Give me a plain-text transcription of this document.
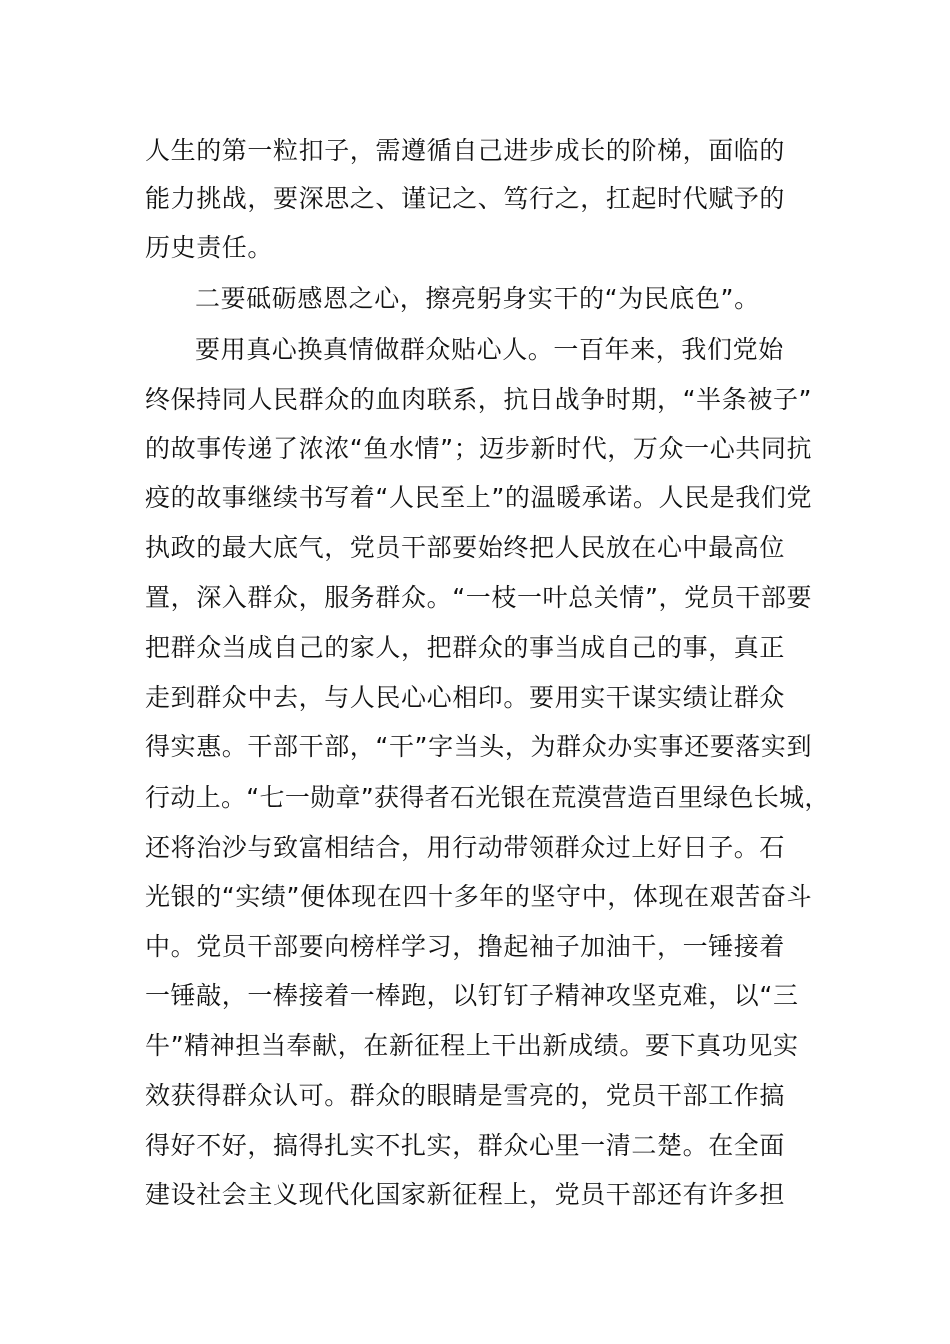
人生的第一粒扣子，需遵循自己进步成长的阶梯，面临的
能力挑战，要深思之、谨记之、笃行之，扛起时代赋予的
历史责任。
二要砥砺感恩之心，擦亮躬身实干的“为民底色”。
要用真心换真情做群众贴心人。一百年来，我们党始
终保持同人民群众的血肉联系，抗日战争时期，“半条被子”
的故事传递了浓浓“鱼水情”；迈步新时代，万众一心共同抗
疫的故事继续书写着“人民至上”的温暖承诺。人民是我们党
执政的最大底气，党员干部要始终把人民放在心中最高位
置，深入群众，服务群众。“一枝一叶总关情”，党员干部要
把群众当成自己的家人，把群众的事当成自己的事，真正
走到群众中去，与人民心心相印。要用实干谋实绩让群众
得实惠。干部干部，“干”字当头，为群众办实事还要落实到
行动上。“七一勋章”获得者石光银在荒漠营造百里绿色长城，
还将治沙与致富相结合，用行动带领群众过上好日子。石
光银的“实绩”便体现在四十多年的坚守中，体现在艰苦奋斗
中。党员干部要向榜样学习，撸起袖子加油干，一锤接着
一锤敲，一棒接着一棒跑，以钉钉子精神攻坚克难，以“三
牛”精神担当奉献，在新征程上干出新成绩。要下真功见实
效获得群众认可。群众的眼睛是雪亮的，党员干部工作搞
得好不好，搞得扎实不扎实，群众心里一清二楚。在全面
建设社会主义现代化国家新征程上，党员干部还有许多担
